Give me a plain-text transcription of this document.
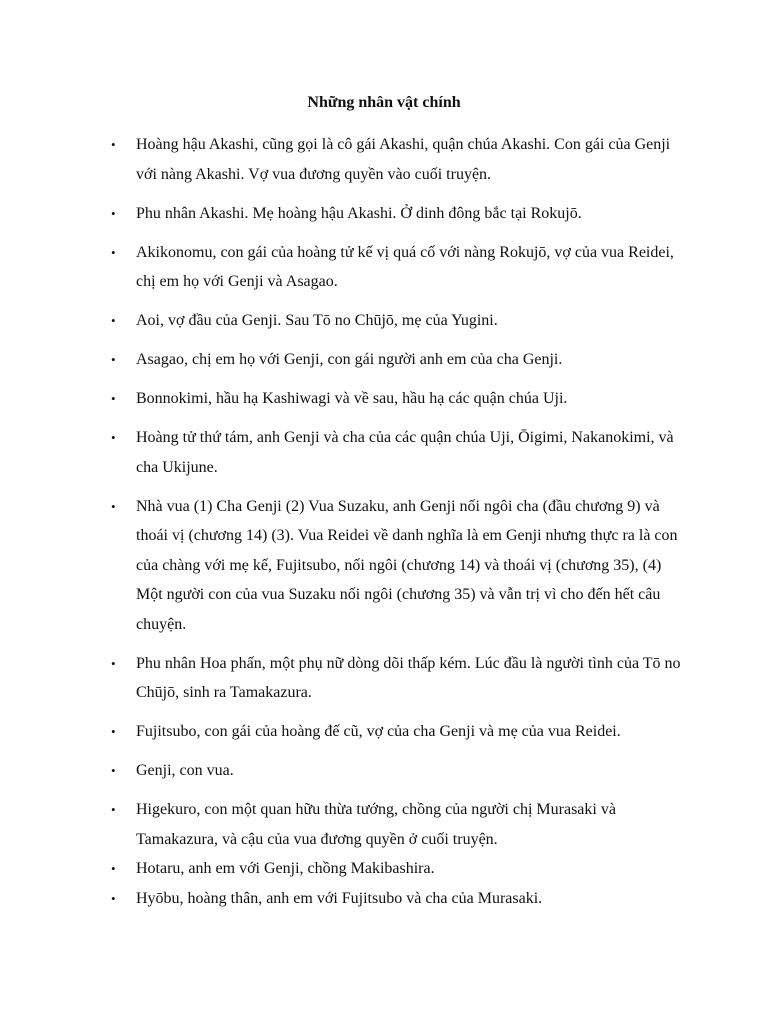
Những nhân vật chính
• Hoàng hậu Akashi, cũng gọi là cô gái Akashi, quận chúa Akashi. Con gái của Genji với nàng Akashi. Vợ vua đương quyền vào cuối truyện.
• Phu nhân Akashi. Mẹ hoàng hậu Akashi. Ở dinh đông bắc tại Rokujō.
• Akikonomu, con gái của hoàng tử kế vị quá cố với nàng Rokujō, vợ của vua Reidei, chị em họ với Genji và Asagao.
• Aoi, vợ đầu của Genji. Sau Tō no Chūjō, mẹ của Yugini.
• Asagao, chị em họ với Genji, con gái người anh em của cha Genji.
• Bonnokimi, hầu hạ Kashiwagi và về sau, hầu hạ các quận chúa Uji.
• Hoàng tử thứ tám, anh Genji và cha của các quận chúa Uji, Ōigimi, Nakanokimi, và cha Ukijune.
• Nhà vua (1) Cha Genji (2) Vua Suzaku, anh Genji nối ngôi cha (đầu chương 9) và thoái vị (chương 14) (3). Vua Reidei về danh nghĩa là em Genji nhưng thực ra là con của chàng với mẹ kế, Fujitsubo, nối ngôi (chương 14) và thoái vị (chương 35), (4) Một người con của vua Suzaku nối ngôi (chương 35) và vẫn trị vì cho đến hết câu chuyện.
• Phu nhân Hoa phấn, một phụ nữ dòng dõi thấp kém. Lúc đầu là người tình của Tō no Chūjō, sinh ra Tamakazura.
• Fujitsubo, con gái của hoàng đế cũ, vợ của cha Genji và mẹ của vua Reidei.
• Genji, con vua.
• Higekuro, con một quan hữu thừa tướng, chồng của người chị Murasaki và Tamakazura, và cậu của vua đương quyền ở cuối truyện.
• Hotaru, anh em với Genji, chồng Makibashira.
• Hyōbu, hoàng thân, anh em với Fujitsubo và cha của Murasaki.
